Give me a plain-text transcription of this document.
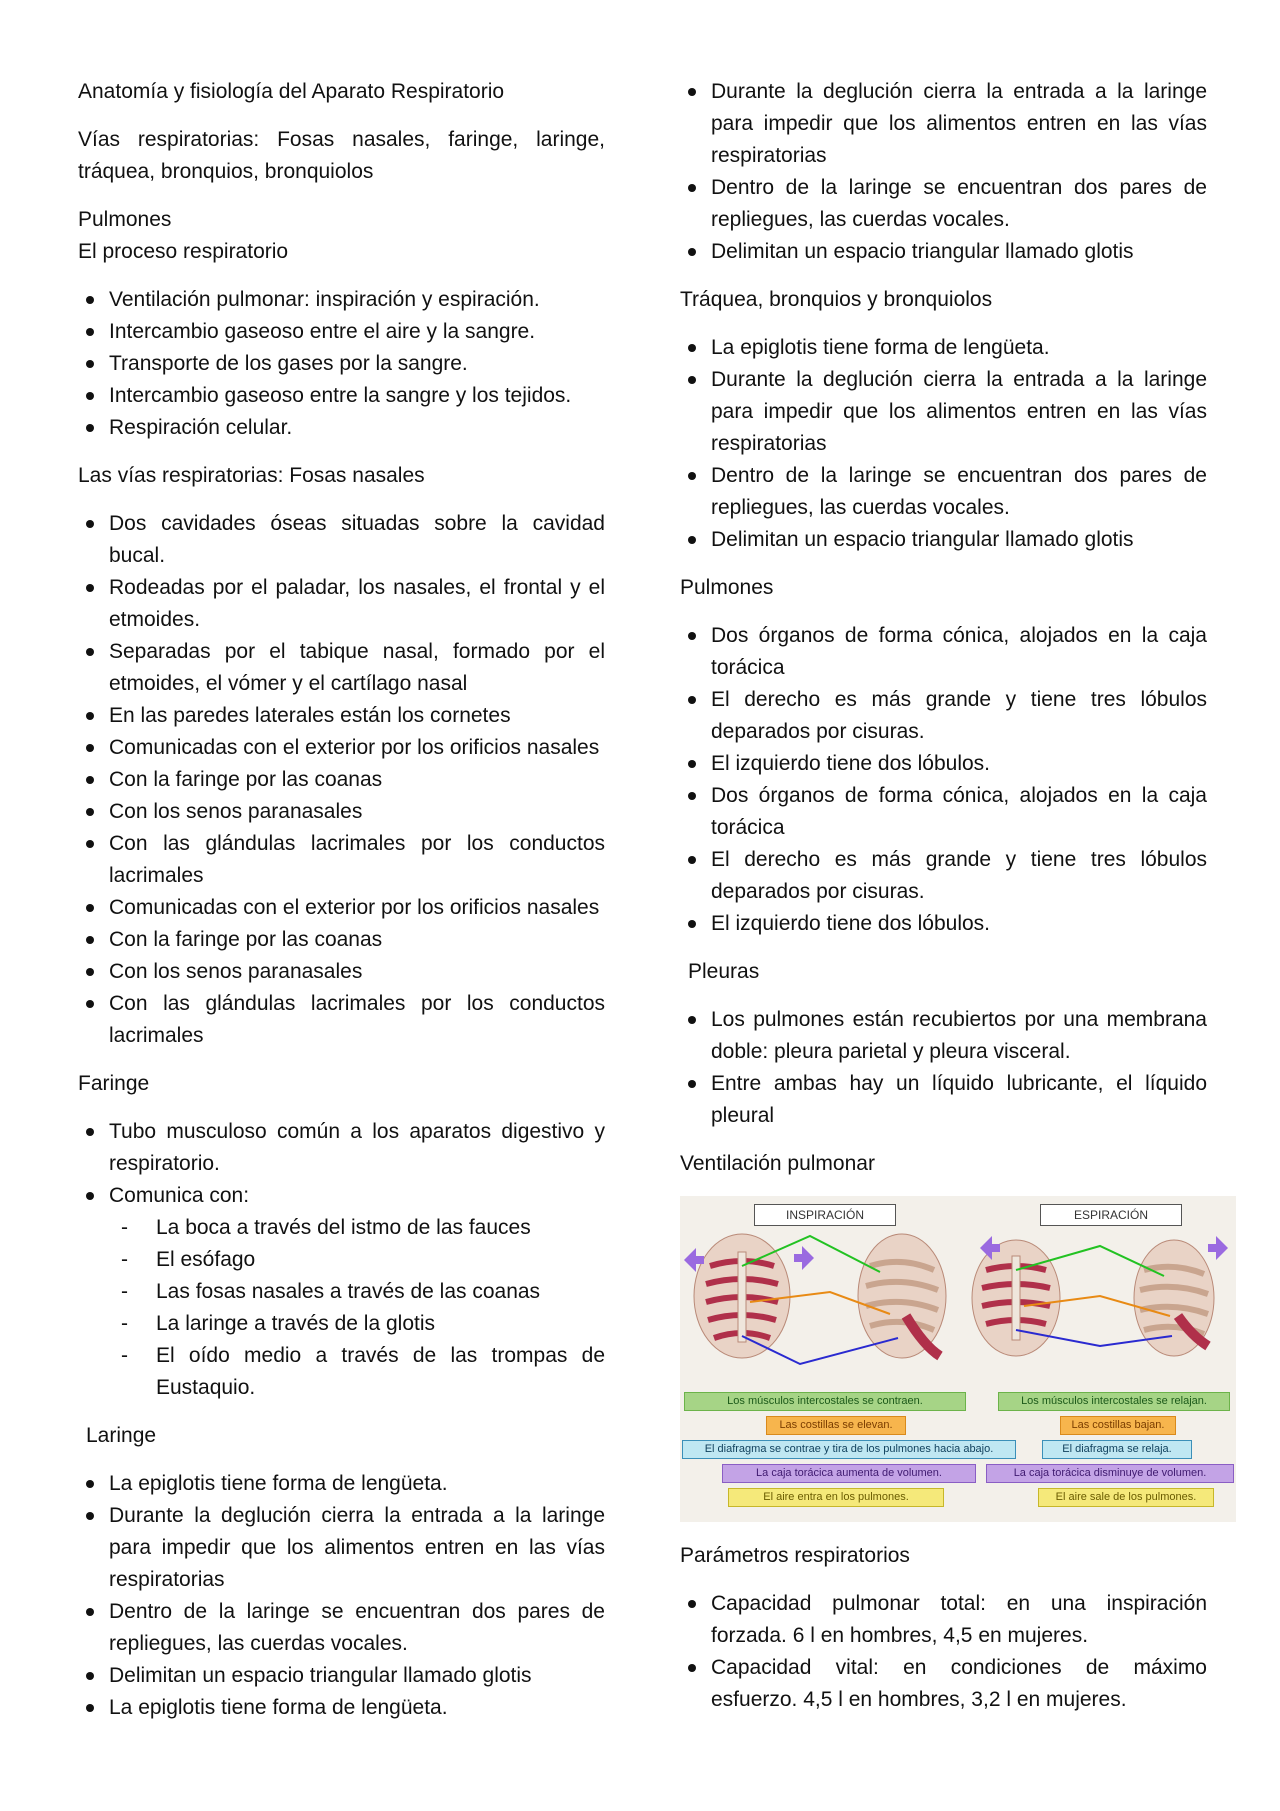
Anatomía y fisiología del Aparato Respiratorio

Vías respiratorias: Fosas nasales, faringe, laringe, tráquea, bronquios, bronquiolos

Pulmones
El proceso respiratorio
Ventilación pulmonar: inspiración y espiración.
Intercambio gaseoso entre el aire y la sangre.
Transporte de los gases por la sangre.
Intercambio gaseoso entre la sangre y los tejidos.
Respiración celular.

Las vías respiratorias: Fosas nasales

Dos cavidades óseas situadas sobre la cavidad bucal.
Rodeadas por el paladar, los nasales, el frontal y el etmoides.
Separadas por el tabique nasal, formado por el etmoides, el vómer y el cartílago nasal
En las paredes laterales están los cornetes
Comunicadas con el exterior por los orificios nasales
Con la faringe por las coanas
Con los senos paranasales
Con las glándulas lacrimales por los conductos lacrimales
Comunicadas con el exterior por los orificios nasales
Con la faringe por las coanas
Con los senos paranasales
Con las glándulas lacrimales por los conductos lacrimales

Faringe

Tubo musculoso común a los aparatos digestivo y respiratorio.
Comunica con:
- La boca a través del istmo de las fauces
- El esófago
- Las fosas nasales a través de las coanas
- La laringe a través de la glotis
- El oído medio a través de las trompas de Eustaquio.

Laringe

La epiglotis tiene forma de lengüeta.
Durante la deglución cierra la entrada a la laringe para impedir que los alimentos entren en las vías respiratorias
Dentro de la laringe se encuentran dos pares de repliegues, las cuerdas vocales.
Delimitan un espacio triangular llamado glotis
La epiglotis tiene forma de lengüeta.
Durante la deglución cierra la entrada a la laringe para impedir que los alimentos entren en las vías respiratorias
Dentro de la laringe se encuentran dos pares de repliegues, las cuerdas vocales.
Delimitan un espacio triangular llamado glotis

Tráquea, bronquios y bronquiolos

La epiglotis tiene forma de lengüeta.
Durante la deglución cierra la entrada a la laringe para impedir que los alimentos entren en las vías respiratorias
Dentro de la laringe se encuentran dos pares de repliegues, las cuerdas vocales.
Delimitan un espacio triangular llamado glotis

Pulmones

Dos órganos de forma cónica, alojados en la caja torácica
El derecho es más grande y tiene tres lóbulos deparados por cisuras.
El izquierdo tiene dos lóbulos.
Dos órganos de forma cónica, alojados en la caja torácica
El derecho es más grande y tiene tres lóbulos deparados por cisuras.
El izquierdo tiene dos lóbulos.

Pleuras

Los pulmones están recubiertos por una membrana doble: pleura parietal y pleura visceral.
Entre ambas hay un líquido lubricante, el líquido pleural

Ventilación pulmonar

INSPIRACIÓN	ESPIRACIÓN
Los músculos intercostales se contraen.
Las costillas se elevan.
El diafragma se contrae y tira de los pulmones hacia abajo.
La caja torácica aumenta de volumen.
El aire entra en los pulmones.
Los músculos intercostales se relajan.
Las costillas bajan.
El diafragma se relaja.
La caja torácica disminuye de volumen.
El aire sale de los pulmones.

Parámetros respiratorios

Capacidad pulmonar total: en una inspiración forzada. 6 l en hombres, 4,5 en mujeres.
Capacidad vital: en condiciones de máximo esfuerzo. 4,5 l en hombres, 3,2 l en mujeres.
